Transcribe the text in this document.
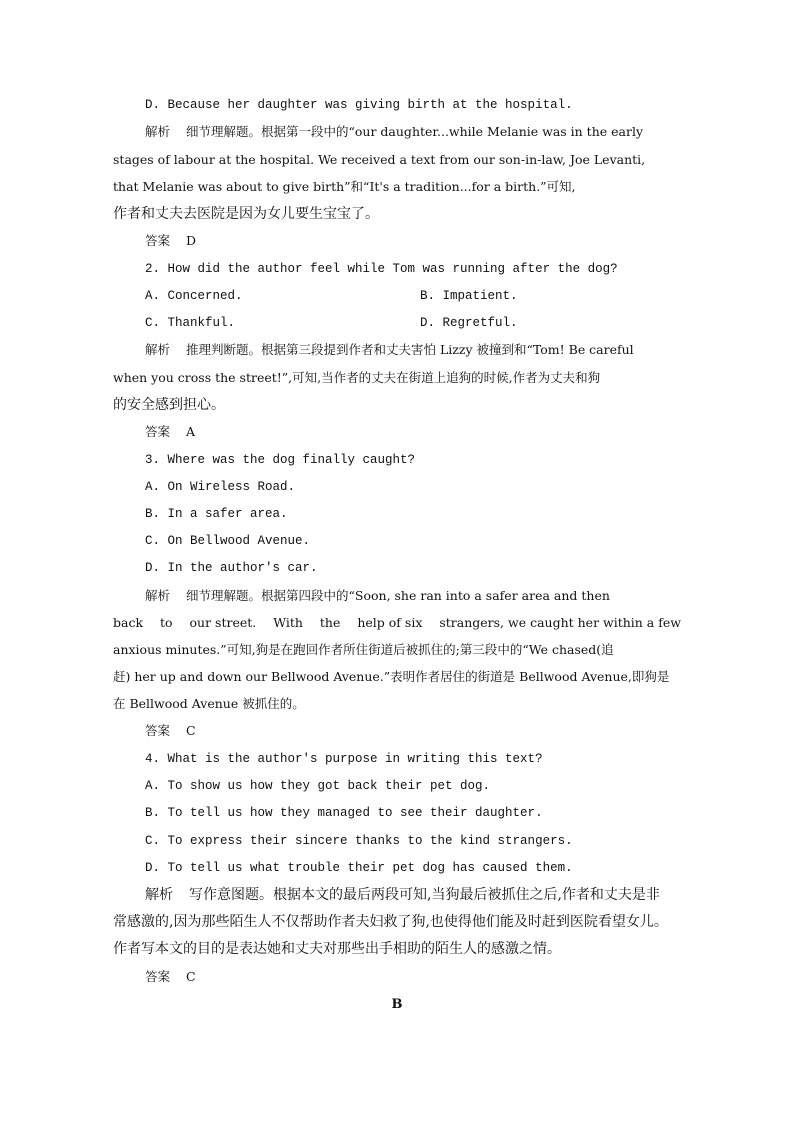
D. Because her daughter was giving birth at the hospital.
解析 细节理解题。根据第一段中的“our daughter...while Melanie was in the early
stages of labour at the hospital. We received a text from our son-in-law, Joe Levanti,
that Melanie was about to give birth”和“It's a tradition...for a birth.”可知,
作者和丈夫去医院是因为女儿要生宝宝了。
答案 D
2. How did the author feel while Tom was running after the dog?
A. Concerned.	B. Impatient.
C. Thankful.	D. Regretful.
解析 推理判断题。根据第三段提到作者和丈夫害怕 Lizzy 被撞到和“Tom! Be careful
when you cross the street!”,可知,当作者的丈夫在街道上追狗的时候,作者为丈夫和狗
的安全感到担心。
答案 A
3. Where was the dog finally caught?
A. On Wireless Road.
B. In a safer area.
C. On Bellwood Avenue.
D. In the author's car.
解析 细节理解题。根据第四段中的“Soon, she ran into a safer area and then
back to our street. With the help of six strangers, we caught her within a few
anxious minutes.”可知,狗是在跑回作者所住街道后被抓住的;第三段中的“We chased(追
赶) her up and down our Bellwood Avenue.”表明作者居住的街道是 Bellwood Avenue,即狗是
在 Bellwood Avenue 被抓住的。
答案 C
4. What is the author's purpose in writing this text?
A. To show us how they got back their pet dog.
B. To tell us how they managed to see their daughter.
C. To express their sincere thanks to the kind strangers.
D. To tell us what trouble their pet dog has caused them.
解析 写作意图题。根据本文的最后两段可知,当狗最后被抓住之后,作者和丈夫是非
常感激的,因为那些陌生人不仅帮助作者夫妇救了狗,也使得他们能及时赶到医院看望女儿。
作者写本文的目的是表达她和丈夫对那些出手相助的陌生人的感激之情。
答案 C
B
